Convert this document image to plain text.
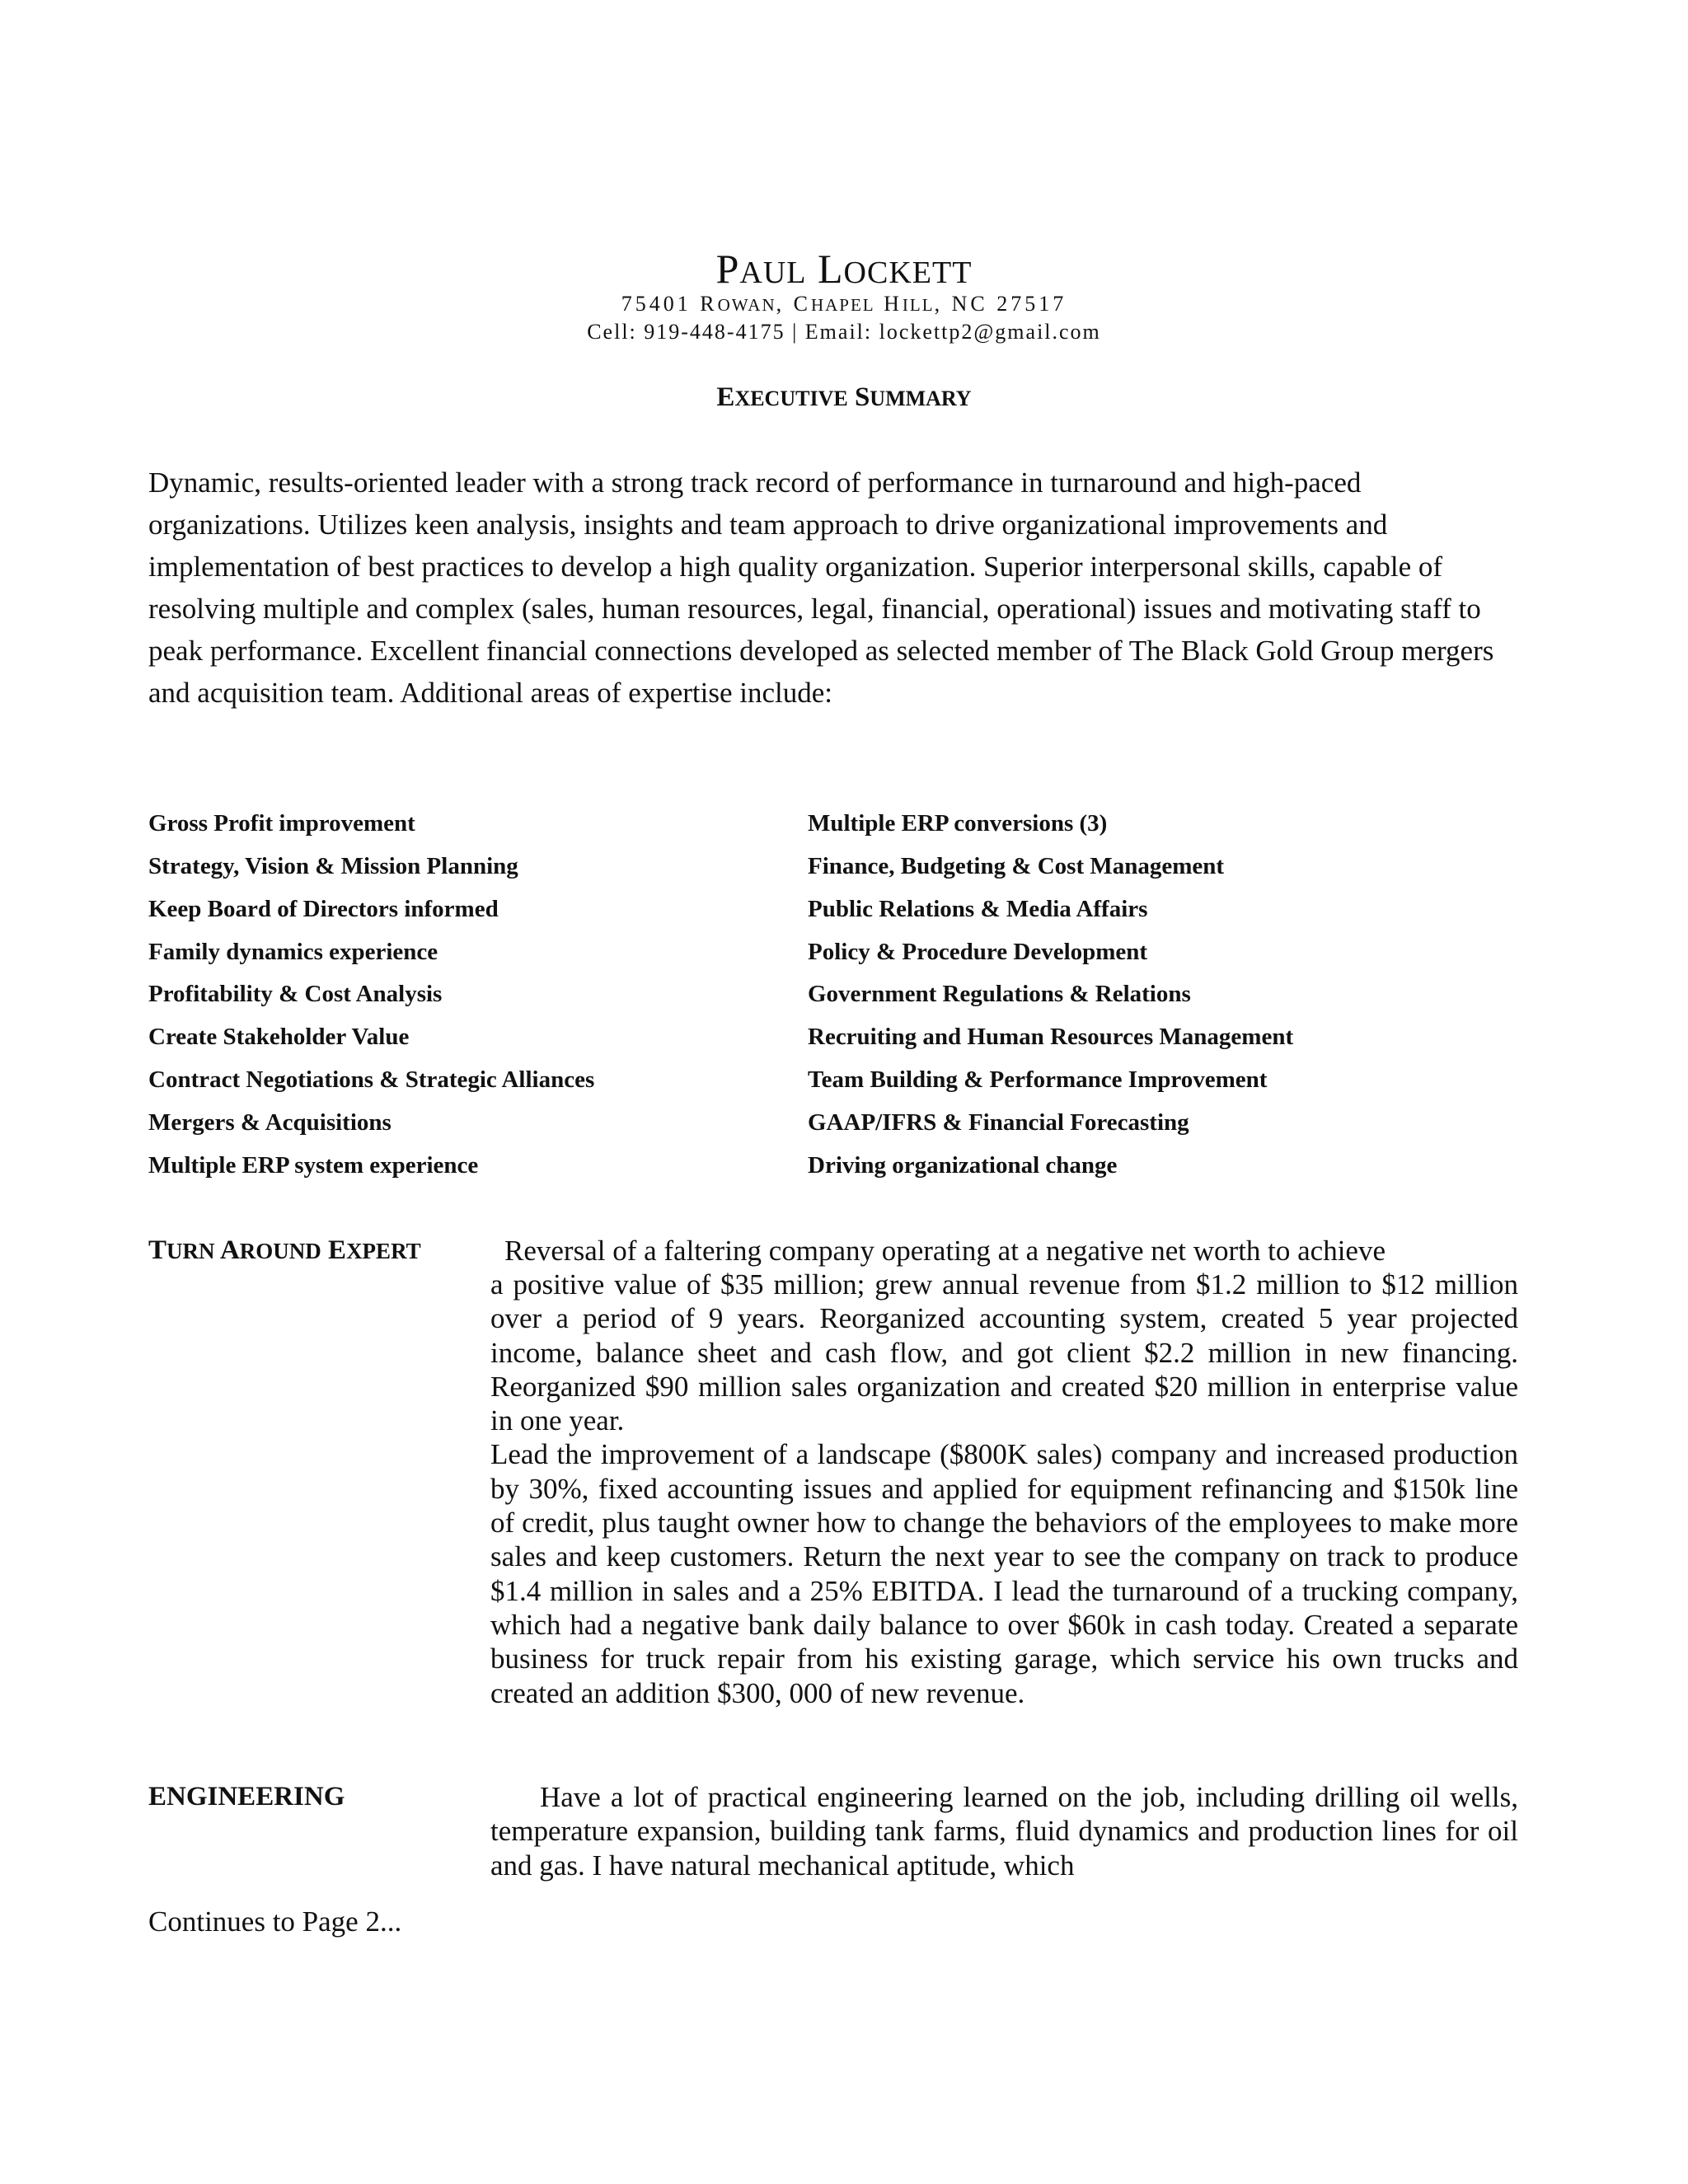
PAUL LOCKETT
75401 ROWAN, CHAPEL HILL, NC 27517
Cell: 919-448-4175 | Email: lockettp2@gmail.com
EXECUTIVE SUMMARY
Dynamic, results-oriented leader with a strong track record of performance in turnaround and high-paced organizations. Utilizes keen analysis, insights and team approach to drive organizational improvements and implementation of best practices to develop a high quality organization. Superior interpersonal skills, capable of resolving multiple and complex (sales, human resources, legal, financial, operational) issues and motivating staff to peak performance. Excellent financial connections developed as selected member of The Black Gold Group mergers and acquisition team. Additional areas of expertise include:
Gross Profit improvement
Strategy, Vision & Mission Planning
Keep Board of Directors informed
Family dynamics experience
Profitability & Cost Analysis
Create Stakeholder Value
Contract Negotiations & Strategic Alliances
Mergers & Acquisitions
Multiple ERP system experience
Multiple ERP conversions (3)
Finance, Budgeting & Cost Management
Public Relations & Media Affairs
Policy & Procedure Development
Government Regulations & Relations
Recruiting and Human Resources Management
Team Building & Performance Improvement
GAAP/IFRS & Financial Forecasting
Driving organizational change
TURN AROUND EXPERT	Reversal of a faltering company operating at a negative net worth to achieve
a positive value of $35 million; grew annual revenue from $1.2 million to $12 million over a period of 9 years. Reorganized accounting system, created 5 year projected income, balance sheet and cash flow, and got client $2.2 million in new financing. Reorganized $90 million sales organization and created $20 million in enterprise value in one year.
Lead the improvement of a landscape ($800K sales) company and increased production by 30%, fixed accounting issues and applied for equipment refinancing and $150k line of credit, plus taught owner how to change the behaviors of the employees to make more sales and keep customers. Return the next year to see the company on track to produce $1.4 million in sales and a 25% EBITDA. I lead the turnaround of a trucking company, which had a negative bank daily balance to over $60k in cash today. Created a separate business for truck repair from his existing garage, which service his own trucks and created an addition $300, 000 of new revenue.
ENGINEERING	Have a lot of practical engineering learned on the job, including drilling oil wells, temperature expansion, building tank farms, fluid dynamics and production lines for oil and gas. I have natural mechanical aptitude, which
Continues to Page 2...
